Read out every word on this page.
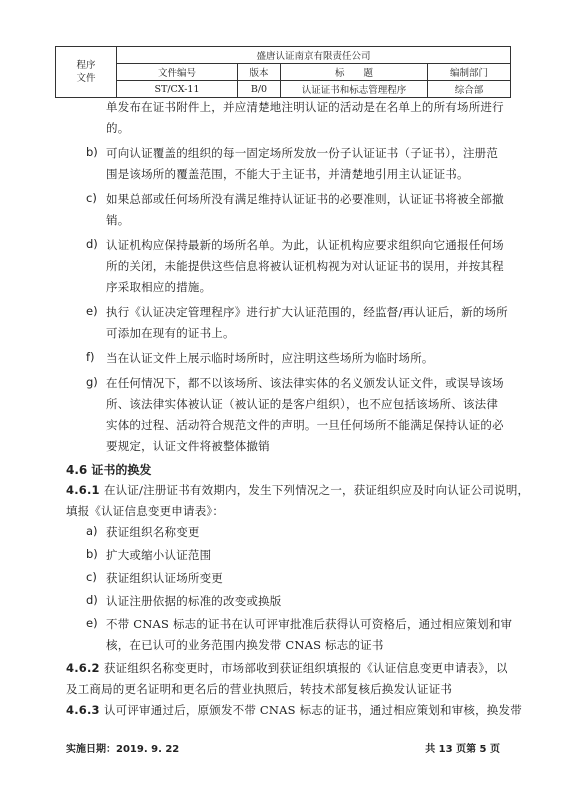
程序
文件	盛唐认证南京有限责任公司			
	文件编号	版本	标　　题	编制部门
	ST/CX-11	B/0	认证证书和标志管理程序	综合部
单发布在证书附件上，并应清楚地注明认证的活动是在名单上的所有场所进行
的。
b) 可向认证覆盖的组织的每一固定场所发放一份子认证证书（子证书），注册范
围是该场所的覆盖范围，不能大于主证书，并清楚地引用主认证证书。
c) 如果总部或任何场所没有满足维持认证证书的必要准则，认证证书将被全部撤
销。
d) 认证机构应保持最新的场所名单。为此，认证机构应要求组织向它通报任何场
所的关闭，未能提供这些信息将被认证机构视为对认证证书的误用，并按其程
序采取相应的措施。
e) 执行《认证决定管理程序》进行扩大认证范围的，经监督/再认证后，新的场所
可添加在现有的证书上。
f) 当在认证文件上展示临时场所时，应注明这些场所为临时场所。
g) 在任何情况下，都不以该场所、该法律实体的名义颁发认证文件，或误导该场
所、该法律实体被认证（被认证的是客户组织），也不应包括该场所、该法律
实体的过程、活动符合规范文件的声明。一旦任何场所不能满足保持认证的必
要规定，认证文件将被整体撤销
4.6 证书的换发
4.6.1 在认证/注册证书有效期内，发生下列情况之一，获证组织应及时向认证公司说明，
填报《认证信息变更申请表》：
a) 获证组织名称变更
b) 扩大或缩小认证范围
c) 获证组织认证场所变更
d) 认证注册依据的标准的改变或换版
e) 不带 CNAS 标志的证书在认可评审批准后获得认可资格后，通过相应策划和审
核，在已认可的业务范围内换发带 CNAS 标志的证书
4.6.2 获证组织名称变更时，市场部收到获证组织填报的《认证信息变更申请表》，以
及工商局的更名证明和更名后的营业执照后，转技术部复核后换发认证证书
4.6.3 认可评审通过后，原颁发不带 CNAS 标志的证书，通过相应策划和审核，换发带
实施日期：2019. 9. 22	共 13 页第 5 页
